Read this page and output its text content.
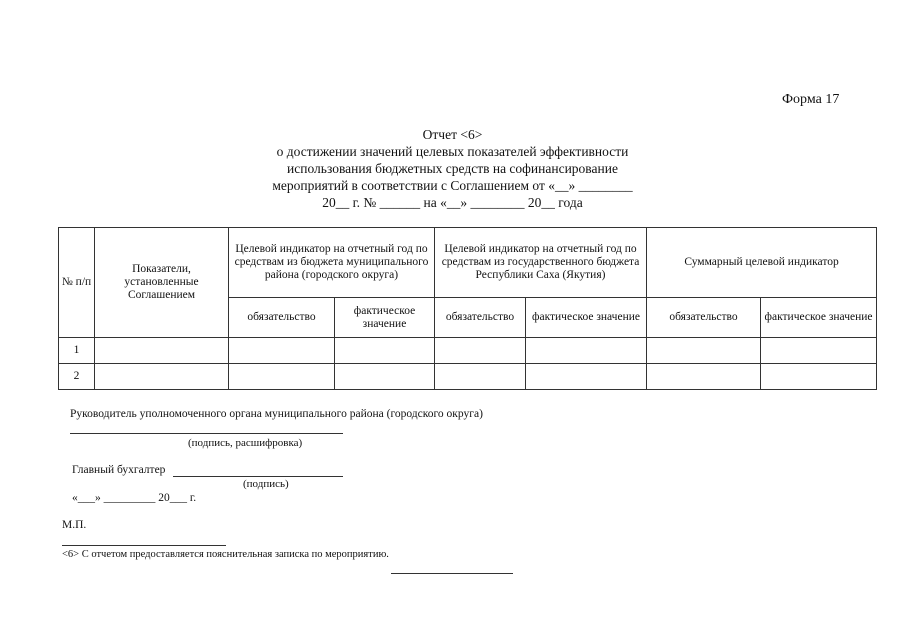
Форма 17
Отчет <6>
о достижении значений целевых показателей эффективности
использования бюджетных средств на софинансирование
мероприятий в соответствии с Соглашением от «__» ________
20__ г. № ______ на «__» ________ 20__ года
№ п/п	Показатели, установленные Соглашением	Целевой индикатор на отчетный год по средствам из бюджета муниципального района (городского округа)		Целевой индикатор на отчетный год по средствам из государственного бюджета Республики Саха (Якутия)		Суммарный целевой индикатор	
		обязательство	фактическое значение	обязательство	фактическое значение	обязательство	фактическое значение
1							
2							
Руководитель уполномоченного органа муниципального района (городского округа)
(подпись, расшифровка)
Главный бухгалтер
(подпись)
«___» _________ 20___ г.
М.П.
<6> С отчетом предоставляется пояснительная записка по мероприятию.
